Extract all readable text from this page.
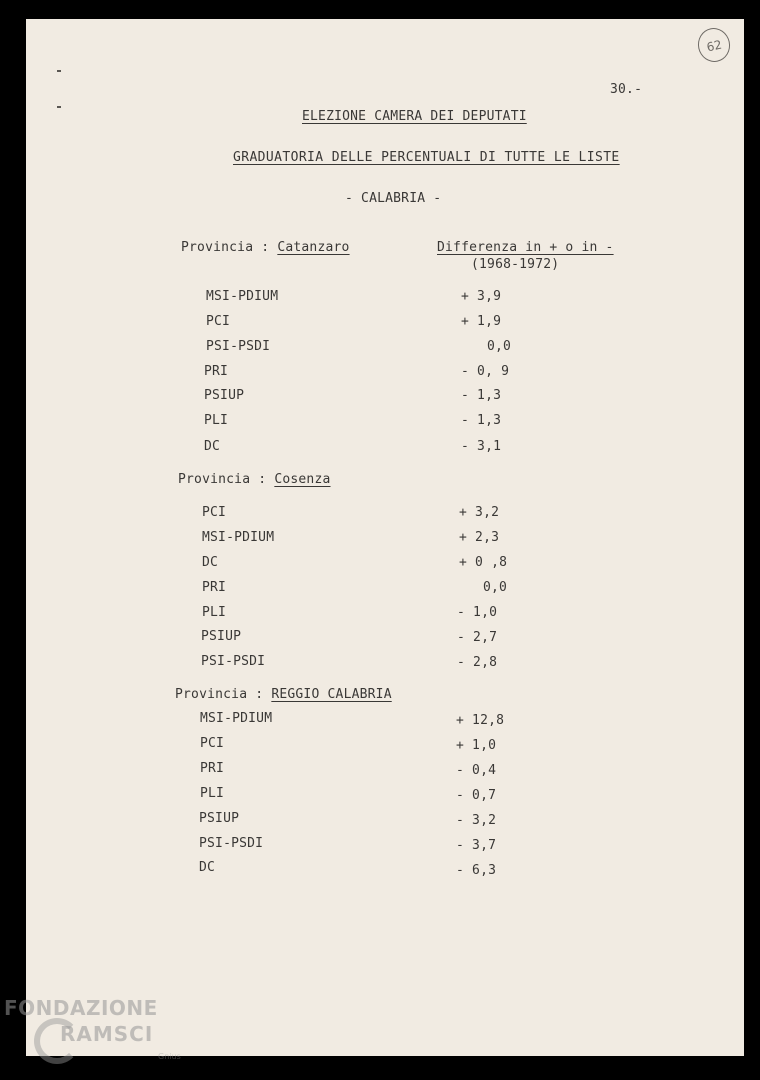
62
30.-
ELEZIONE CAMERA DEI DEPUTATI
GRADUATORIA DELLE PERCENTUALI DI TUTTE LE LISTE
- CALABRIA -
Differenza in + o in -
(1968-1972)
Provincia : Catanzaro
MSI-PDIUM	+ 3,9
PCI	+ 1,9
PSI-PSDI	0,0
PRI	- 0, 9
PSIUP	- 1,3
PLI	- 1,3
DC	- 3,1
Provincia : Cosenza
PCI	+ 3,2
MSI-PDIUM	+ 2,3
DC	+ 0 ,8
PRI	0,0
PLI	- 1,0
PSIUP	- 2,7
PSI-PSDI	- 2,8
Provincia : REGGIO CALABRIA
MSI-PDIUM	+ 12,8
PCI	+ 1,0
PRI	- 0,4
PLI	- 0,7
PSIUP	- 3,2
PSI-PSDI	- 3,7
DC	- 6,3
FONDAZIONE
RAMSCI
Gnius
